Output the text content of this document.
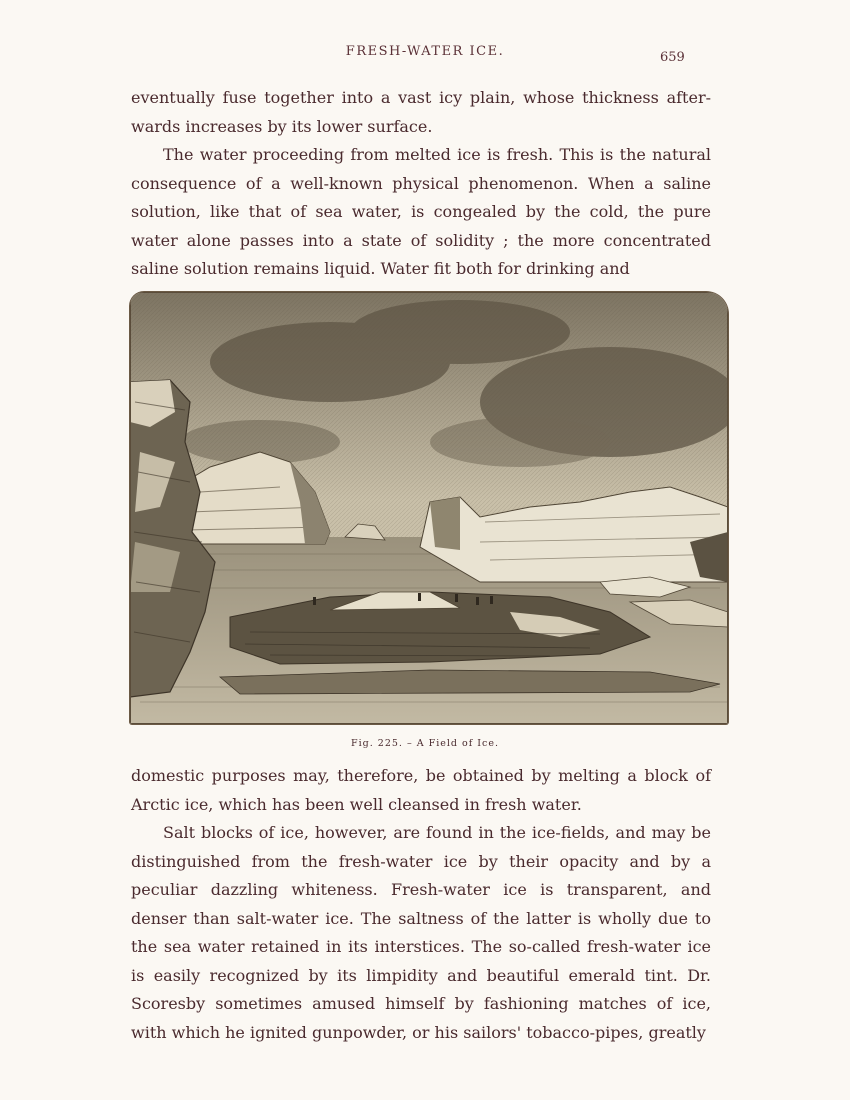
FRESH-WATER ICE.	659

eventually fuse together into a vast icy plain, whose thickness after-wards increases by its lower surface.

The water proceeding from melted ice is fresh. This is the natural consequence of a well-known physical phenomenon. When a saline solution, like that of sea water, is congealed by the cold, the pure water alone passes into a state of solidity ; the more concentrated saline solution remains liquid. Water fit both for drinking and

Fig. 225. – A Field of Ice.

domestic purposes may, therefore, be obtained by melting a block of Arctic ice, which has been well cleansed in fresh water.

Salt blocks of ice, however, are found in the ice-fields, and may be distinguished from the fresh-water ice by their opacity and by a peculiar dazzling whiteness. Fresh-water ice is transparent, and denser than salt-water ice. The saltness of the latter is wholly due to the sea water retained in its interstices. The so-called fresh-water ice is easily recognized by its limpidity and beautiful emerald tint. Dr. Scoresby sometimes amused himself by fashioning matches of ice, with which he ignited gunpowder, or his sailors' tobacco-pipes, greatly
